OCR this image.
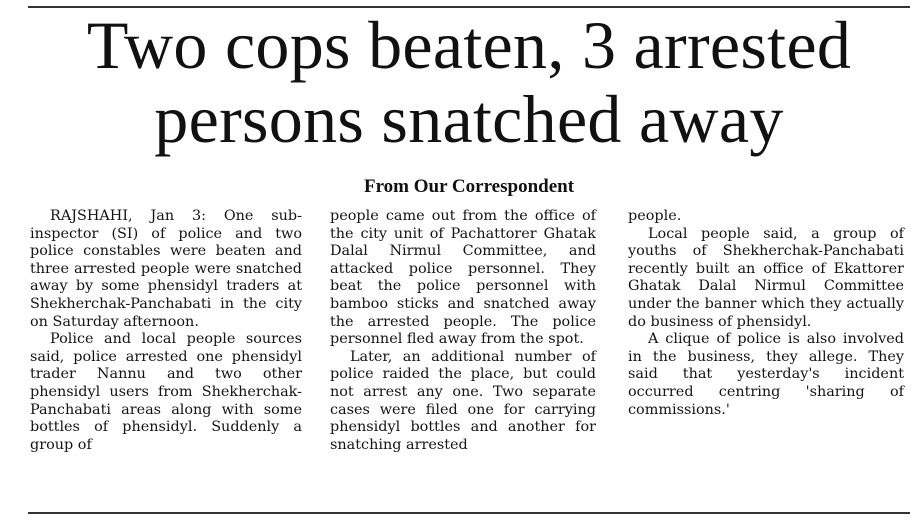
Two cops beaten, 3 arrested
persons snatched away
From Our Correspondent

RAJSHAHI, Jan 3: One sub-inspector (SI) of police and two police constables were beaten and three arrested people were snatched away by some phensidyl traders at Shekherchak-Panchabati in the city on Saturday afternoon.

Police and local people sources said, police arrested one phensidyl trader Nannu and two other phensidyl users from Shekherchak-Panchabati areas along with some bottles of phensidyl. Suddenly a group of

people came out from the office of the city unit of Pachattorer Ghatak Dalal Nirmul Committee, and attacked police personnel. They beat the police personnel with bamboo sticks and snatched away the arrested people. The police personnel fled away from the spot.

Later, an additional number of police raided the place, but could not arrest any one. Two separate cases were filed one for carrying phensidyl bottles and another for snatching arrested

people.

Local people said, a group of youths of Shekherchak-Panchabati recently built an office of Ekattorer Ghatak Dalal Nirmul Committee under the banner which they actually do business of phensidyl.

A clique of police is also involved in the business, they allege. They said that yesterday's incident occurred centring 'sharing of commissions.'
